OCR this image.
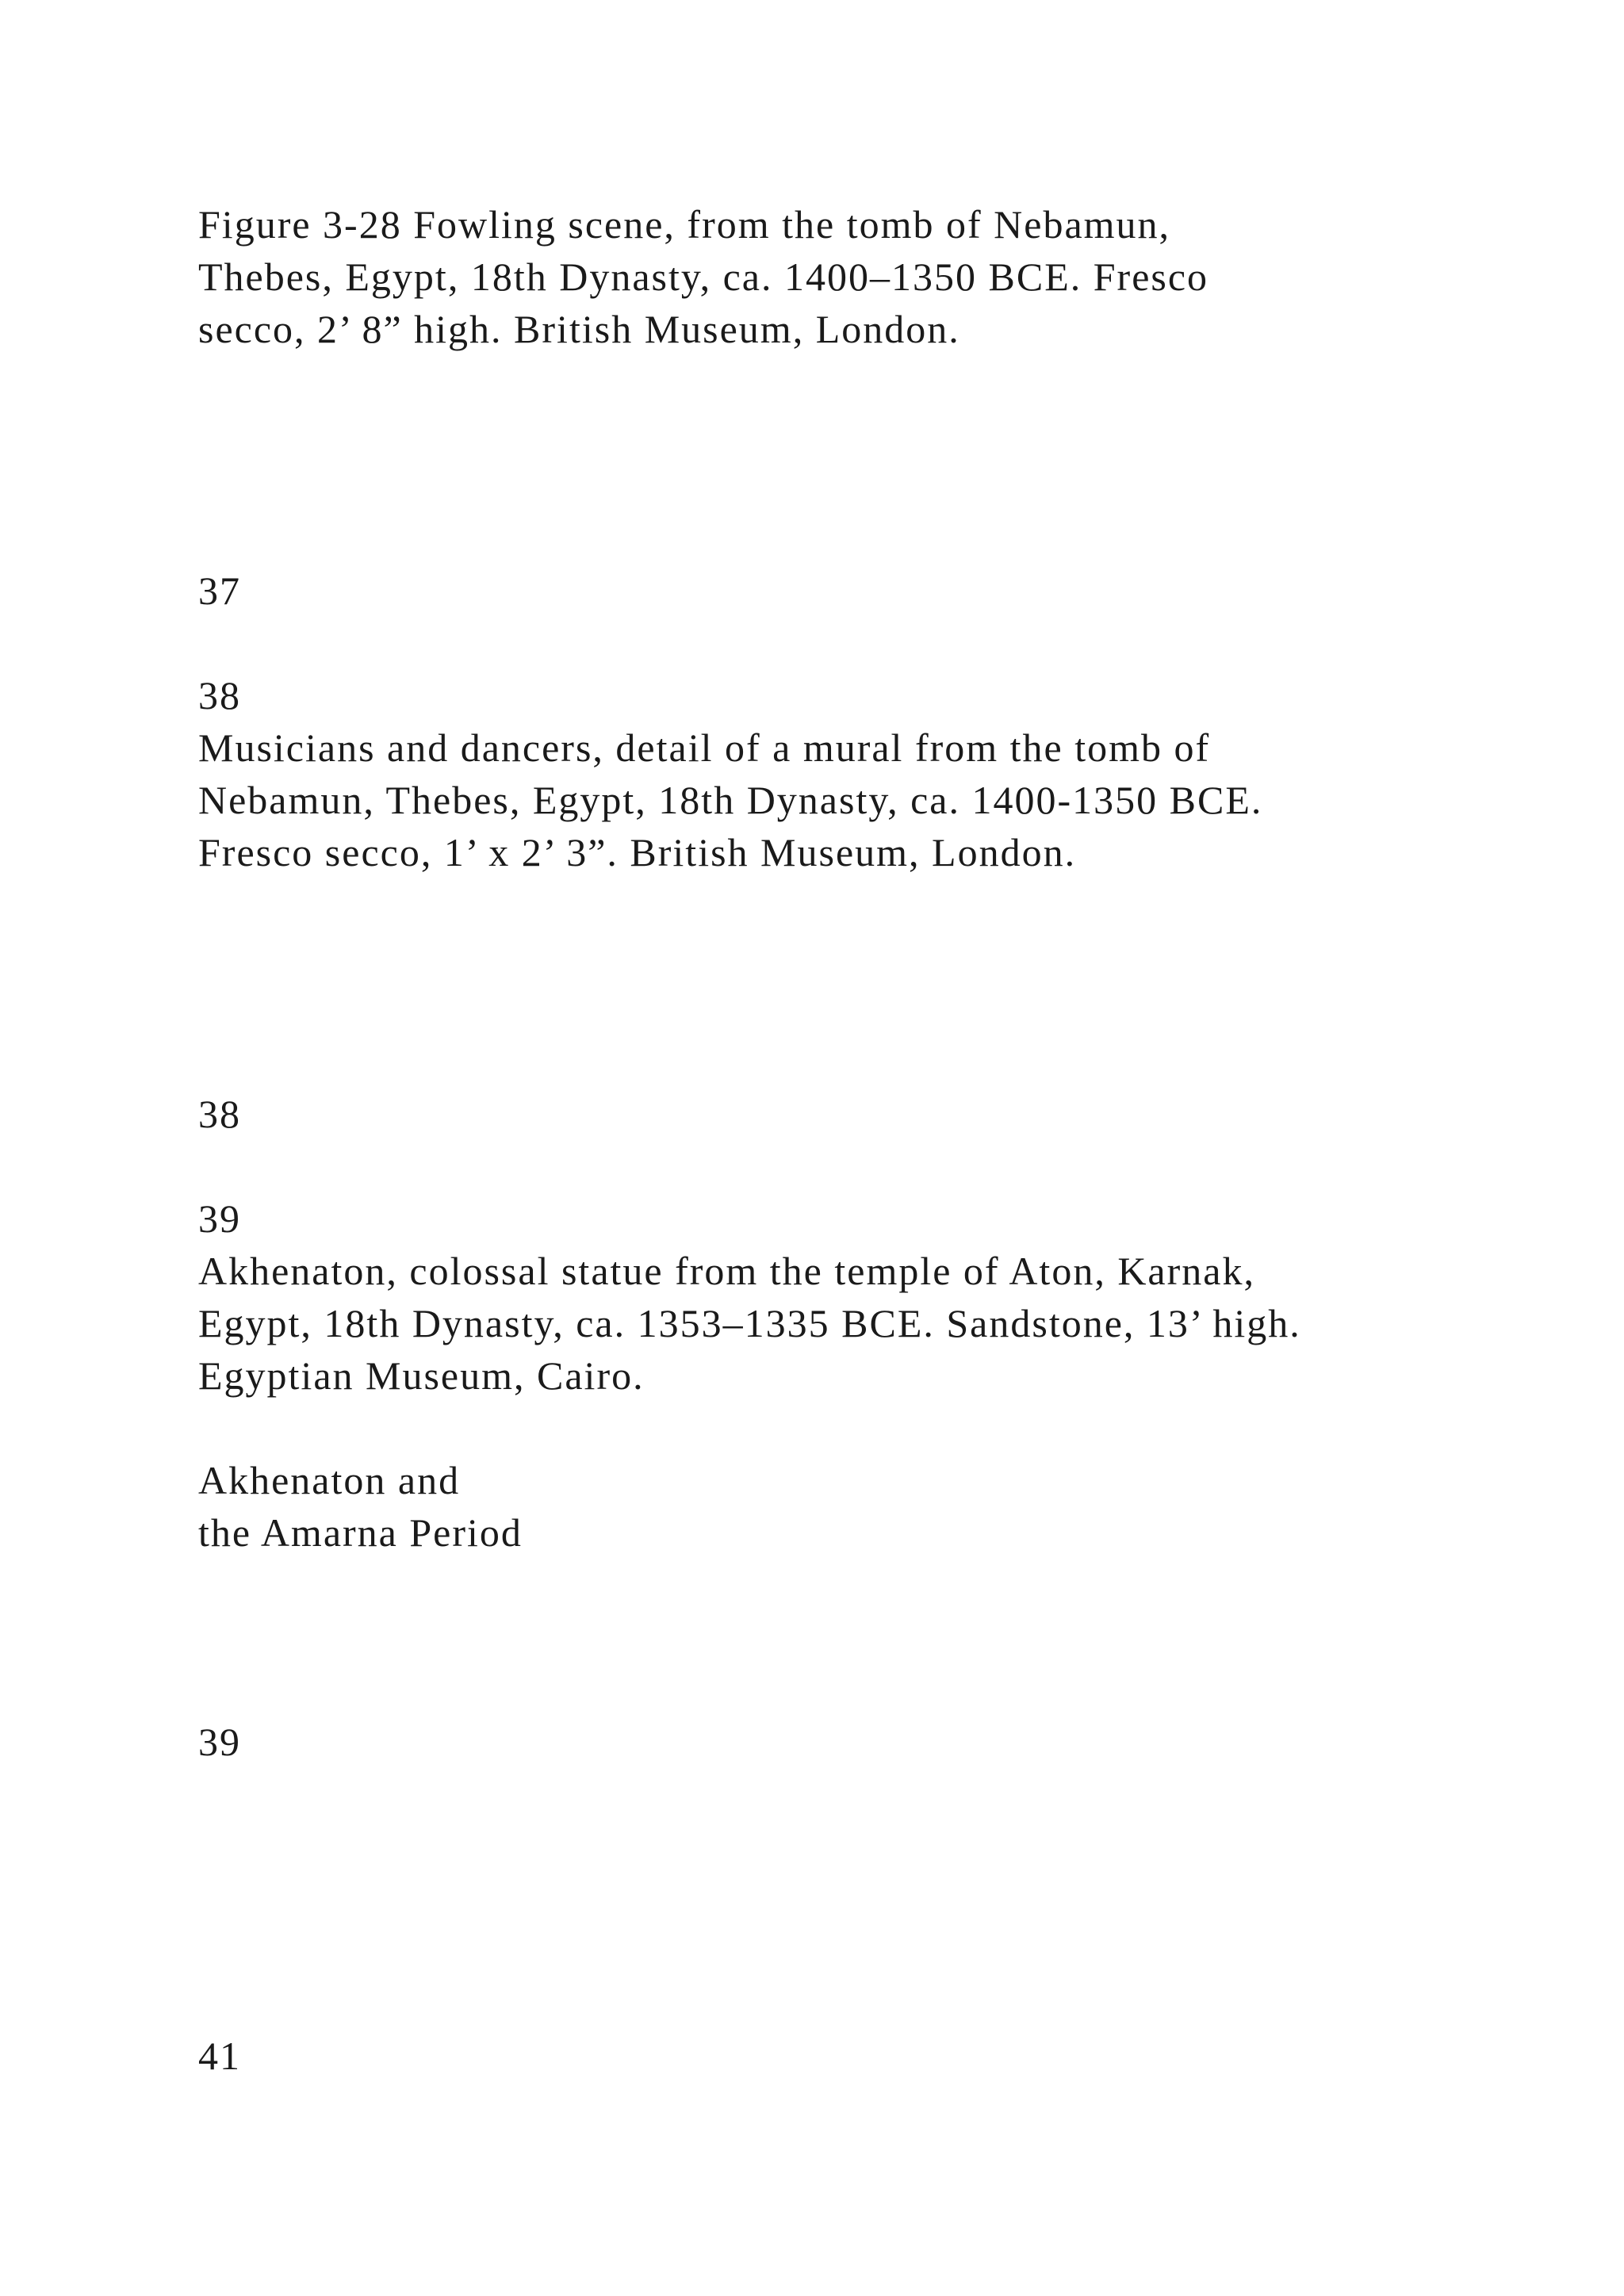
Figure 3-28 Fowling scene, from the tomb of Nebamun,

Thebes, Egypt, 18th Dynasty, ca. 1400–1350 BCE. Fresco

secco, 2’ 8” high. British Museum, London.

37

38

Musicians and dancers, detail of a mural from the tomb of

Nebamun, Thebes, Egypt, 18th Dynasty, ca. 1400-1350 BCE.

Fresco secco, 1’ x 2’ 3”. British Museum, London.

38

39

Akhenaton, colossal statue from the temple of Aton, Karnak,

Egypt, 18th Dynasty, ca. 1353–1335 BCE. Sandstone, 13’ high.

Egyptian Museum, Cairo.

Akhenaton and

the Amarna Period

39

41
